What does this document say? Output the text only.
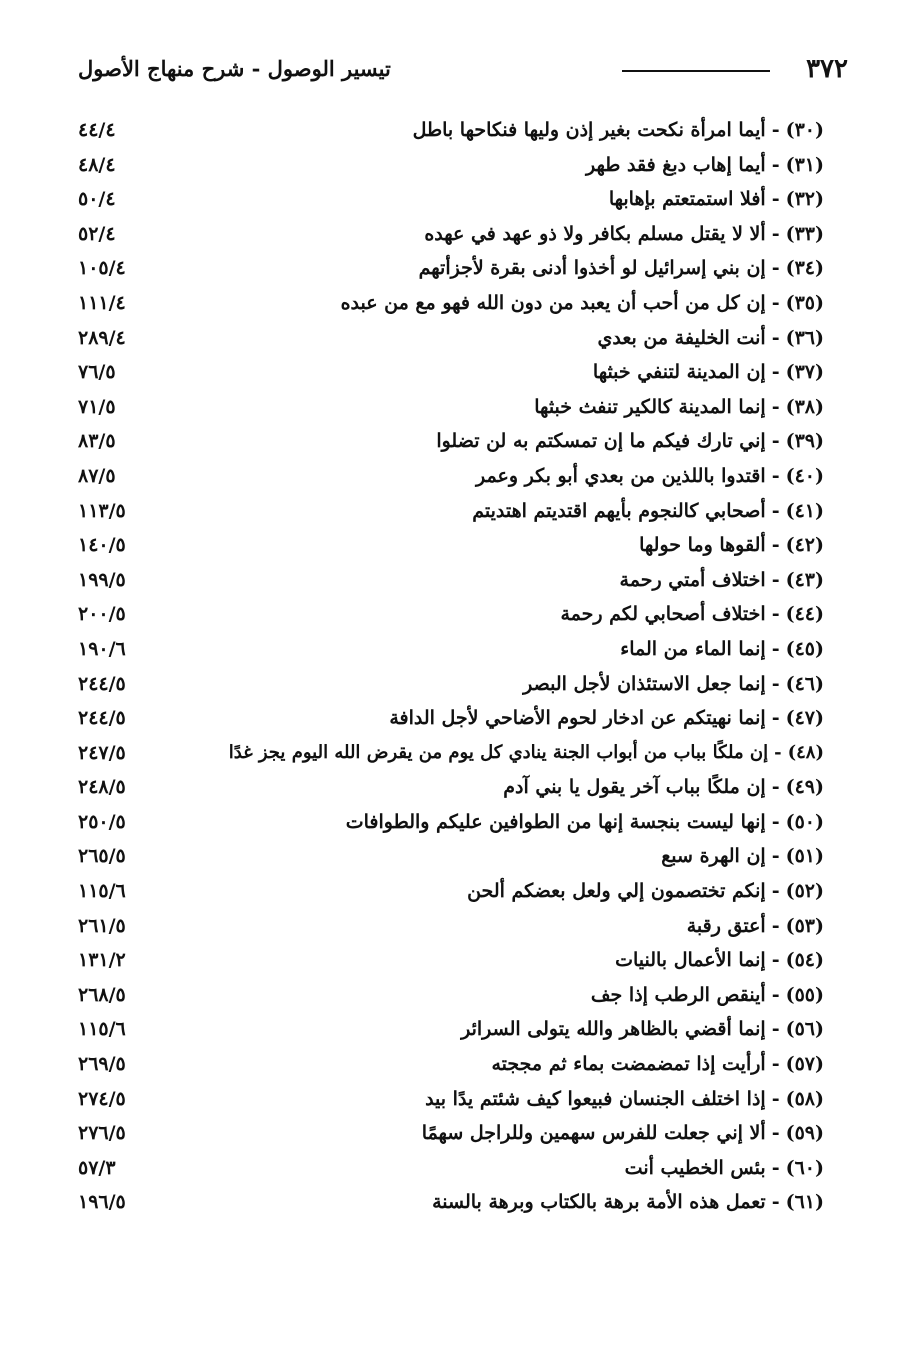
٣٧٢
تيسير الوصول - شرح منهاج الأصول
(٣٠)-أيما امرأة نكحت بغير إذن وليها فنكاحها باطل
٤٤/٤
(٣١)-أيما إهاب دبغ فقد طهر
٤٨/٤
(٣٢)-أفلا استمتعتم بإهابها
٥٠/٤
(٣٣)-ألا لا يقتل مسلم بكافر ولا ذو عهد في عهده
٥٢/٤
(٣٤)-إن بني إسرائيل لو أخذوا أدنى بقرة لأجزأتهم
١٠٥/٤
(٣٥)-إن كل من أحب أن يعبد من دون الله فهو مع من عبده
١١١/٤
(٣٦)-أنت الخليفة من بعدي
٢٨٩/٤
(٣٧)-إن المدينة لتنفي خبثها
٧٦/٥
(٣٨)-إنما المدينة كالكير تنفث خبثها
٧١/٥
(٣٩)-إني تارك فيكم ما إن تمسكتم به لن تضلوا
٨٣/٥
(٤٠)-اقتدوا باللذين من بعدي أبو بكر وعمر
٨٧/٥
(٤١)-أصحابي كالنجوم بأيهم اقتديتم اهتديتم
١١٣/٥
(٤٢)-ألقوها وما حولها
١٤٠/٥
(٤٣)-اختلاف أمتي رحمة
١٩٩/٥
(٤٤)-اختلاف أصحابي لكم رحمة
٢٠٠/٥
(٤٥)-إنما الماء من الماء
١٩٠/٦
(٤٦)-إنما جعل الاستئذان لأجل البصر
٢٤٤/٥
(٤٧)-إنما نهيتكم عن ادخار لحوم الأضاحي لأجل الدافة
٢٤٤/٥
(٤٨)-إن ملكًا بباب من أبواب الجنة ينادي كل يوم من يقرض الله اليوم يجز غدًا
٢٤٧/٥
(٤٩)-إن ملكًا بباب آخر يقول يا بني آدم
٢٤٨/٥
(٥٠)-إنها ليست بنجسة إنها من الطوافين عليكم والطوافات
٢٥٠/٥
(٥١)-إن الهرة سبع
٢٦٥/٥
(٥٢)-إنكم تختصمون إلي ولعل بعضكم ألحن
١١٥/٦
(٥٣)-أعتق رقبة
٢٦١/٥
(٥٤)-إنما الأعمال بالنيات
١٣١/٢
(٥٥)-أينقص الرطب إذا جف
٢٦٨/٥
(٥٦)-إنما أقضي بالظاهر والله يتولى السرائر
١١٥/٦
(٥٧)-أرأيت إذا تمضمضت بماء ثم مججته
٢٦٩/٥
(٥٨)-إذا اختلف الجنسان فبيعوا كيف شئتم يدًا بيد
٢٧٤/٥
(٥٩)-ألا إني جعلت للفرس سهمين وللراجل سهمًا
٢٧٦/٥
(٦٠)-بئس الخطيب أنت
٥٧/٣
(٦١)-تعمل هذه الأمة برهة بالكتاب وبرهة بالسنة
١٩٦/٥
